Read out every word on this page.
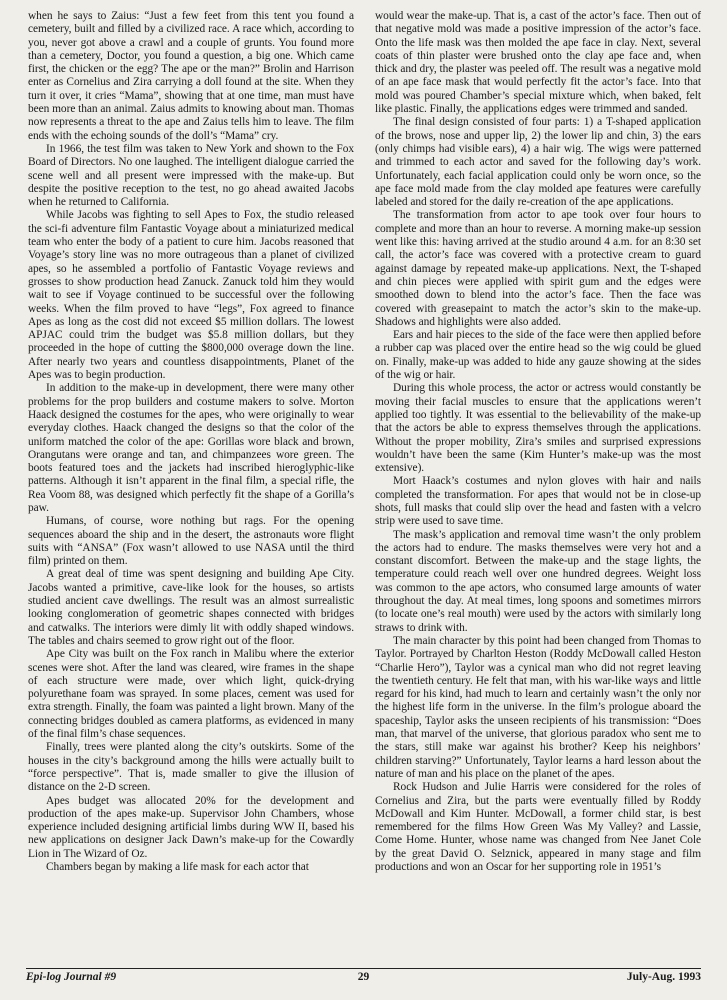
when he says to Zaius: “Just a few feet from this tent you found a cemetery, built and filled by a civilized race. A race which, according to you, never got above a crawl and a couple of grunts. You found more than a cemetery, Doctor, you found a question, a big one. Which came first, the chicken or the egg? The ape or the man?” Brolin and Harrison enter as Cornelius and Zira carrying a doll found at the site. When they turn it over, it cries “Mama”, showing that at one time, man must have been more than an animal. Zaius admits to knowing about man. Thomas now represents a threat to the ape and Zaius tells him to leave. The film ends with the echoing sounds of the doll’s “Mama” cry.

In 1966, the test film was taken to New York and shown to the Fox Board of Directors. No one laughed. The intelligent dialogue carried the scene well and all present were impressed with the make-up. But despite the positive reception to the test, no go ahead awaited Jacobs when he returned to California.

While Jacobs was fighting to sell Apes to Fox, the studio released the sci-fi adventure film Fantastic Voyage about a miniaturized medical team who enter the body of a patient to cure him. Jacobs reasoned that Voyage’s story line was no more outrageous than a planet of civilized apes, so he assembled a portfolio of Fantastic Voyage reviews and grosses to show production head Zanuck. Zanuck told him they would wait to see if Voyage continued to be successful over the following weeks. When the film proved to have “legs”, Fox agreed to finance Apes as long as the cost did not exceed $5 million dollars. The lowest APJAC could trim the budget was $5.8 million dollars, but they proceeded in the hope of cutting the $800,000 overage down the line. After nearly two years and countless disappointments, Planet of the Apes was to begin production.

In addition to the make-up in development, there were many other problems for the prop builders and costume makers to solve. Morton Haack designed the costumes for the apes, who were originally to wear everyday clothes. Haack changed the designs so that the color of the uniform matched the color of the ape: Gorillas wore black and brown, Orangutans were orange and tan, and chimpanzees wore green. The boots featured toes and the jackets had inscribed hieroglyphic-like patterns. Although it isn’t apparent in the final film, a special rifle, the Rea Voom 88, was designed which perfectly fit the shape of a Gorilla’s paw.

Humans, of course, wore nothing but rags. For the opening sequences aboard the ship and in the desert, the astronauts wore flight suits with “ANSA” (Fox wasn’t allowed to use NASA until the third film) printed on them.

A great deal of time was spent designing and building Ape City. Jacobs wanted a primitive, cave-like look for the houses, so artists studied ancient cave dwellings. The result was an almost surrealistic looking conglomeration of geometric shapes connected with bridges and catwalks. The interiors were dimly lit with oddly shaped windows. The tables and chairs seemed to grow right out of the floor.

Ape City was built on the Fox ranch in Malibu where the exterior scenes were shot. After the land was cleared, wire frames in the shape of each structure were made, over which light, quick-drying polyurethane foam was sprayed. In some places, cement was used for extra strength. Finally, the foam was painted a light brown. Many of the connecting bridges doubled as camera platforms, as evidenced in many of the final film’s chase sequences.

Finally, trees were planted along the city’s outskirts. Some of the houses in the city’s background among the hills were actually built to “force perspective”. That is, made smaller to give the illusion of distance on the 2-D screen.

Apes budget was allocated 20% for the development and production of the apes make-up. Supervisor John Chambers, whose experience included designing artificial limbs during WW II, based his new applications on designer Jack Dawn’s make-up for the Cowardly Lion in The Wizard of Oz.

Chambers began by making a life mask for each actor that

would wear the make-up. That is, a cast of the actor’s face. Then out of that negative mold was made a positive impression of the actor’s face. Onto the life mask was then molded the ape face in clay. Next, several coats of thin plaster were brushed onto the clay ape face and, when thick and dry, the plaster was peeled off. The result was a negative mold of an ape face mask that would perfectly fit the actor’s face. Into that mold was poured Chamber’s special mixture which, when baked, felt like plastic. Finally, the applications edges were trimmed and sanded.

The final design consisted of four parts: 1) a T-shaped application of the brows, nose and upper lip, 2) the lower lip and chin, 3) the ears (only chimps had visible ears), 4) a hair wig. The wigs were patterned and trimmed to each actor and saved for the following day’s work. Unfortunately, each facial application could only be worn once, so the ape face mold made from the clay molded ape features were carefully labeled and stored for the daily re-creation of the ape applications.

The transformation from actor to ape took over four hours to complete and more than an hour to reverse. A morning make-up session went like this: having arrived at the studio around 4 a.m. for an 8:30 set call, the actor’s face was covered with a protective cream to guard against damage by repeated make-up applications. Next, the T-shaped and chin pieces were applied with spirit gum and the edges were smoothed down to blend into the actor’s face. Then the face was covered with greasepaint to match the actor’s skin to the make-up. Shadows and highlights were also added.

Ears and hair pieces to the side of the face were then applied before a rubber cap was placed over the entire head so the wig could be glued on. Finally, make-up was added to hide any gauze showing at the sides of the wig or hair.

During this whole process, the actor or actress would constantly be moving their facial muscles to ensure that the applications weren’t applied too tightly. It was essential to the believability of the make-up that the actors be able to express themselves through the applications. Without the proper mobility, Zira’s smiles and surprised expressions wouldn’t have been the same (Kim Hunter’s make-up was the most extensive).

Mort Haack’s costumes and nylon gloves with hair and nails completed the transformation. For apes that would not be in close-up shots, full masks that could slip over the head and fasten with a velcro strip were used to save time.

The mask’s application and removal time wasn’t the only problem the actors had to endure. The masks themselves were very hot and a constant discomfort. Between the make-up and the stage lights, the temperature could reach well over one hundred degrees. Weight loss was common to the ape actors, who consumed large amounts of water throughout the day. At meal times, long spoons and sometimes mirrors (to locate one’s real mouth) were used by the actors with similarly long straws to drink with.

The main character by this point had been changed from Thomas to Taylor. Portrayed by Charlton Heston (Roddy McDowall called Heston “Charlie Hero”), Taylor was a cynical man who did not regret leaving the twentieth century. He felt that man, with his war-like ways and little regard for his kind, had much to learn and certainly wasn’t the only nor the highest life form in the universe. In the film’s prologue aboard the spaceship, Taylor asks the unseen recipients of his transmission: “Does man, that marvel of the universe, that glorious paradox who sent me to the stars, still make war against his brother? Keep his neighbors’ children starving?” Unfortunately, Taylor learns a hard lesson about the nature of man and his place on the planet of the apes.

Rock Hudson and Julie Harris were considered for the roles of Cornelius and Zira, but the parts were eventually filled by Roddy McDowall and Kim Hunter. McDowall, a former child star, is best remembered for the films How Green Was My Valley? and Lassie, Come Home. Hunter, whose name was changed from Nee Janet Cole by the great David O. Selznick, appeared in many stage and film productions and won an Oscar for her supporting role in 1951’s

Epi-log Journal #9	29	July-Aug. 1993
